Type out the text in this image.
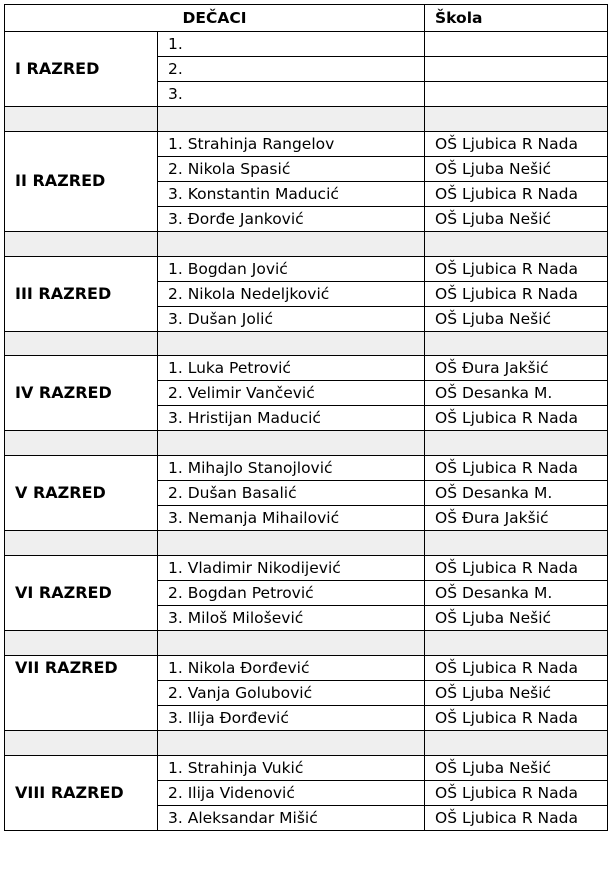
DEČACI		Škola
I RAZRED	1.	
	2.	
	3.	

II RAZRED	1. Strahinja Rangelov	OŠ Ljubica R Nada
	2. Nikola Spasić	OŠ Ljuba Nešić
	3. Konstantin Maducić	OŠ Ljubica R Nada
	3. Đorđe Janković	OŠ Ljuba Nešić

III RAZRED	1. Bogdan Jović	OŠ Ljubica R Nada
	2. Nikola Nedeljković	OŠ Ljubica R Nada
	3. Dušan Jolić	OŠ Ljuba Nešić

IV RAZRED	1. Luka Petrović	OŠ Đura Jakšić
	2. Velimir Vančević	OŠ Desanka M.
	3. Hristijan Maducić	OŠ Ljubica R Nada

V RAZRED	1. Mihajlo Stanojlović	OŠ Ljubica R Nada
	2. Dušan Basalić	OŠ Desanka M.
	3. Nemanja Mihailović	OŠ Đura Jakšić

VI RAZRED	1. Vladimir Nikodijević	OŠ Ljubica R Nada
	2. Bogdan Petrović	OŠ Desanka M.
	3. Miloš Milošević	OŠ Ljuba Nešić

VII RAZRED	1. Nikola Đorđević	OŠ Ljubica R Nada
	2. Vanja Golubović	OŠ Ljuba Nešić
	3. Ilija Đorđević	OŠ Ljubica R Nada

VIII RAZRED	1. Strahinja Vukić	OŠ Ljuba Nešić
	2. Ilija Videnović	OŠ Ljubica R Nada
	3. Aleksandar Mišić	OŠ Ljubica R Nada
